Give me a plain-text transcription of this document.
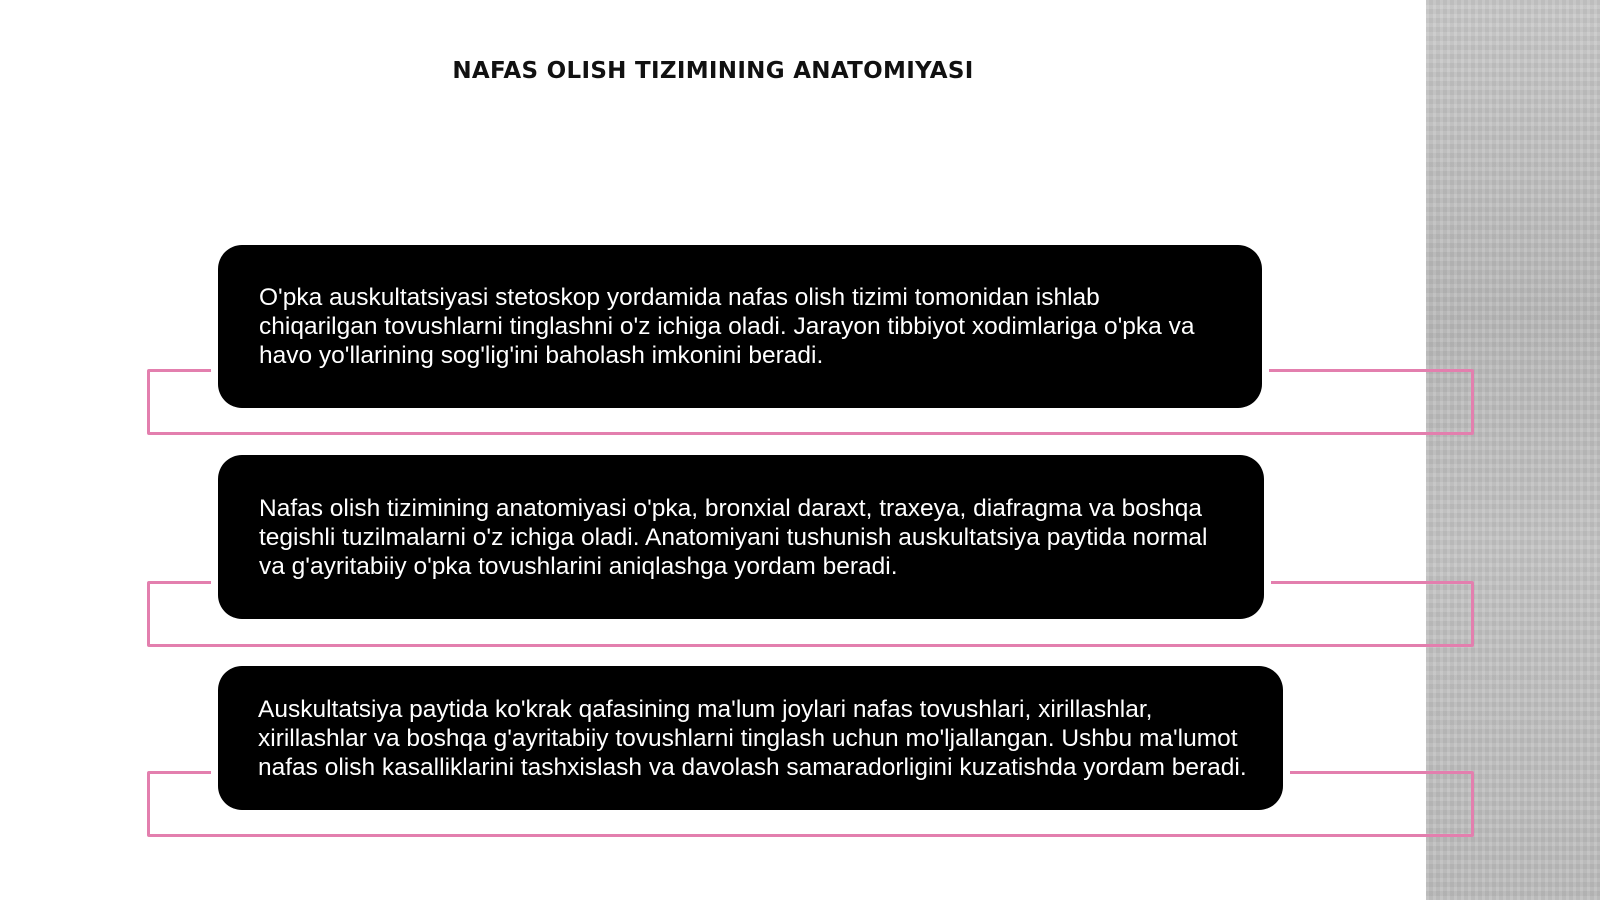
NAFAS OLISH TIZIMINING ANATOMIYASI

O'pka auskultatsiyasi stetoskop yordamida nafas olish tizimi tomonidan ishlab chiqarilgan tovushlarni tinglashni o'z ichiga oladi. Jarayon tibbiyot xodimlariga o'pka va havo yo'llarining sog'lig'ini baholash imkonini beradi.

Nafas olish tizimining anatomiyasi o'pka, bronxial daraxt, traxeya, diafragma va boshqa tegishli tuzilmalarni o'z ichiga oladi. Anatomiyani tushunish auskultatsiya paytida normal va g'ayritabiiy o'pka tovushlarini aniqlashga yordam beradi.

Auskultatsiya paytida ko'krak qafasining ma'lum joylari nafas tovushlari, xirillashlar, xirillashlar va boshqa g'ayritabiiy tovushlarni tinglash uchun mo'ljallangan. Ushbu ma'lumot nafas olish kasalliklarini tashxislash va davolash samaradorligini kuzatishda yordam beradi.
